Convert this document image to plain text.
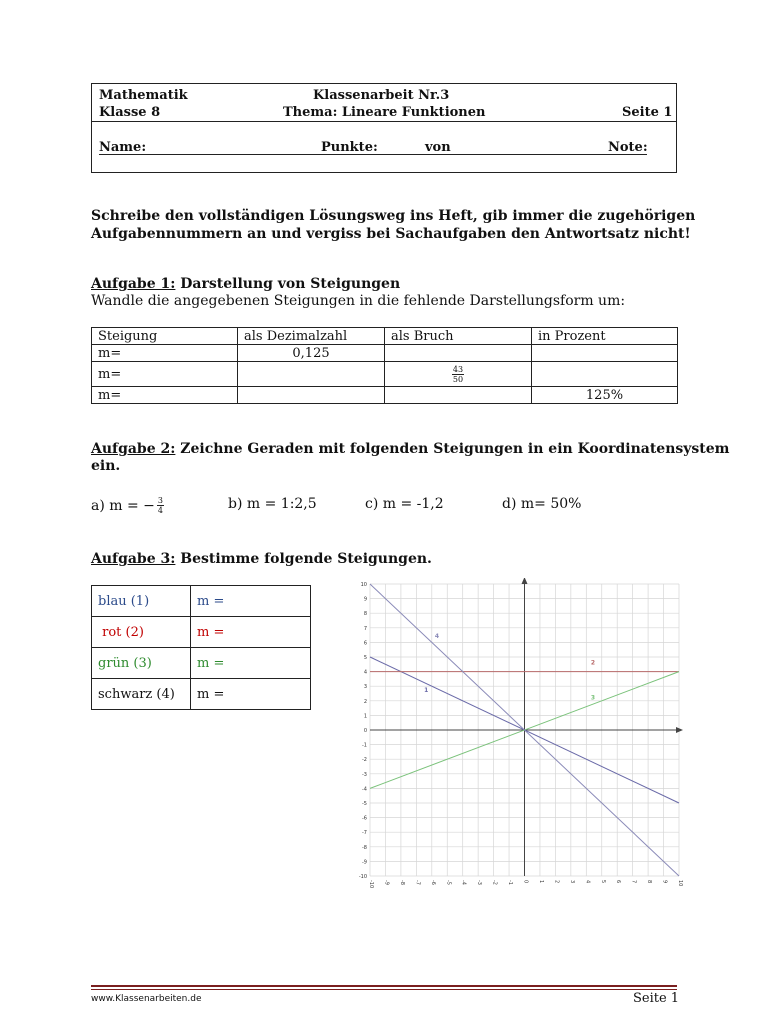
Mathematik	Klassenarbeit Nr.3
Klasse 8	Thema: Lineare Funktionen	Seite 1
Name:	Punkte:	von	Note:
Schreibe den vollständigen Lösungsweg ins Heft, gib immer die zugehörigen
Aufgabennummern an und vergiss bei Sachaufgaben den Antwortsatz nicht!
Aufgabe 1: Darstellung von Steigungen
Wandle die angegebenen Steigungen in die fehlende Darstellungsform um:
Steigung	als Dezimalzahl	als Bruch	in Prozent
m=	0,125		
m=		$\frac{43}{50}$

m=			125%
Aufgabe 2: Zeichne Geraden mit folgenden Steigungen in ein Koordinatensystem
ein.
a) m = − $\frac{3}{4}$	b) m = 1:2,5	c) m = -1,2	d) m= 50%
Aufgabe 3: Bestimme folgende Steigungen.
blau (1)	m =
rot (2)	m =
grün (3)	m =
schwarz (4)	m =
10
9
8
7
6
5
4
3
2
1
0
-1
-2
-3
-4
-5
-6
-7
-8
-9
-10
-10 -9 -8 -7 -6 -5 -4 -3 -2 -1 0 1 2 3 4 5 6 7 8 9 10
1
2
3
4
www.Klassenarbeiten.de	Seite 1
